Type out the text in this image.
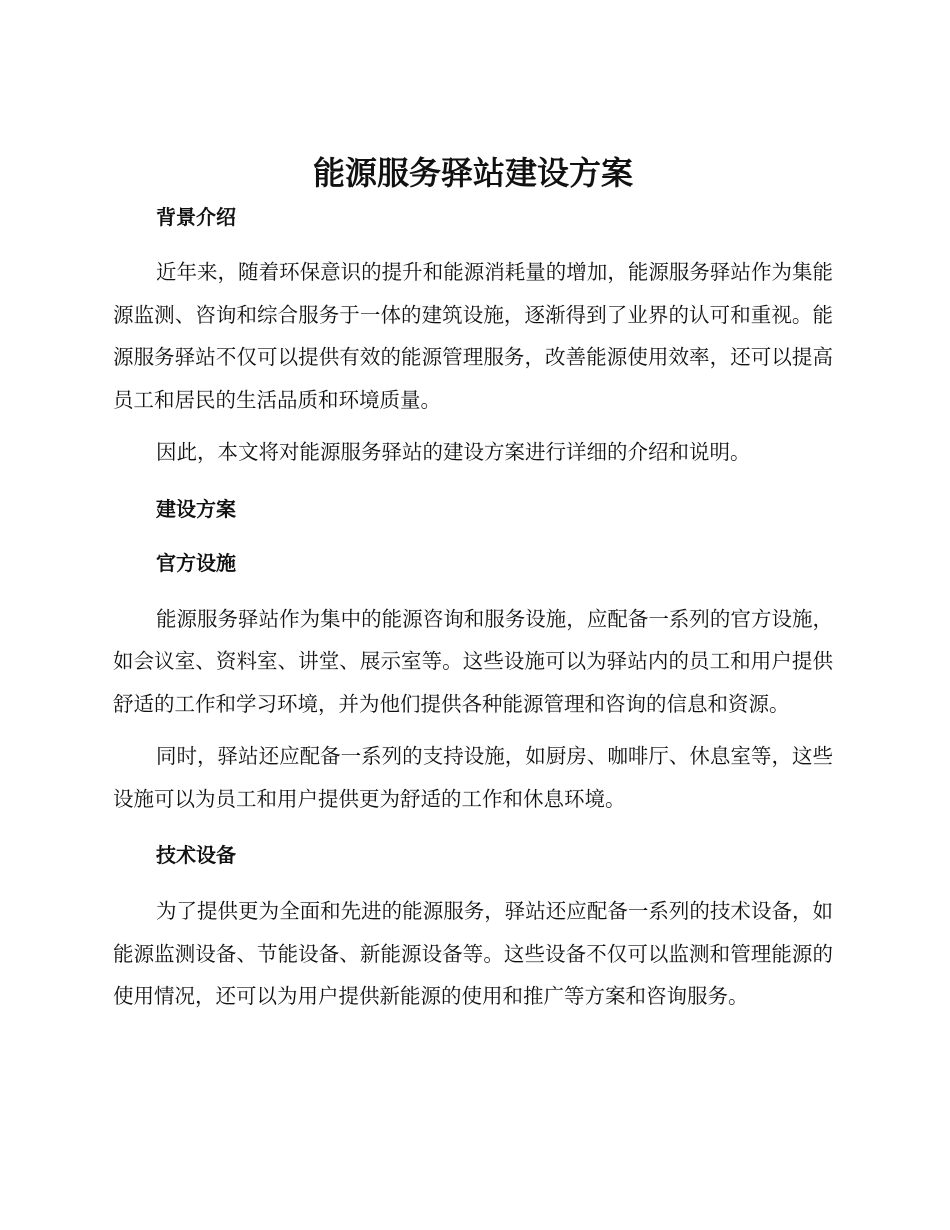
能源服务驿站建设方案
背景介绍

近年来，随着环保意识的提升和能源消耗量的增加，能源服务驿站作为集能源监测、咨询和综合服务于一体的建筑设施，逐渐得到了业界的认可和重视。能源服务驿站不仅可以提供有效的能源管理服务，改善能源使用效率，还可以提高员工和居民的生活品质和环境质量。

因此，本文将对能源服务驿站的建设方案进行详细的介绍和说明。

建设方案
官方设施

能源服务驿站作为集中的能源咨询和服务设施，应配备一系列的官方设施，如会议室、资料室、讲堂、展示室等。这些设施可以为驿站内的员工和用户提供舒适的工作和学习环境，并为他们提供各种能源管理和咨询的信息和资源。

同时，驿站还应配备一系列的支持设施，如厨房、咖啡厅、休息室等，这些设施可以为员工和用户提供更为舒适的工作和休息环境。

技术设备

为了提供更为全面和先进的能源服务，驿站还应配备一系列的技术设备，如能源监测设备、节能设备、新能源设备等。这些设备不仅可以监测和管理能源的使用情况，还可以为用户提供新能源的使用和推广等方案和咨询服务。
